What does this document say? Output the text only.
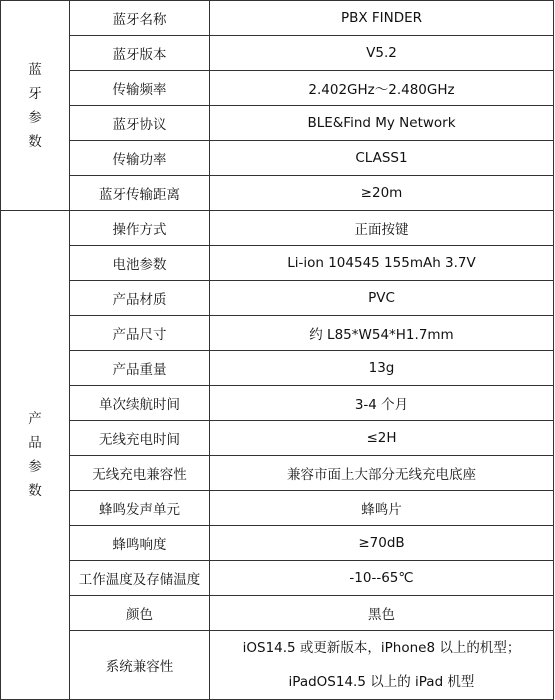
蓝
牙
参
数	蓝牙名称	PBX FINDER
	蓝牙版本	V5.2
	传输频率	2.402GHz～2.480GHz
	蓝牙协议	BLE&Find My Network
	传输功率	CLASS1
	蓝牙传输距离	≥20m

产
品
参
数	操作方式	正面按键
	电池参数	Li-ion 104545 155mAh 3.7V
	产品材质	PVC
	产品尺寸	约 L85*W54*H1.7mm
	产品重量	13g
	单次续航时间	3-4 个月
	无线充电时间	≤2H
	无线充电兼容性	兼容市面上大部分无线充电底座
	蜂鸣发声单元	蜂鸣片
	蜂鸣响度	≥70dB
	工作温度及存储温度	-10--65℃
	颜色	黑色
	系统兼容性	iOS14.5 或更新版本，iPhone8 以上的机型；
iPadOS14.5 以上的 iPad 机型
